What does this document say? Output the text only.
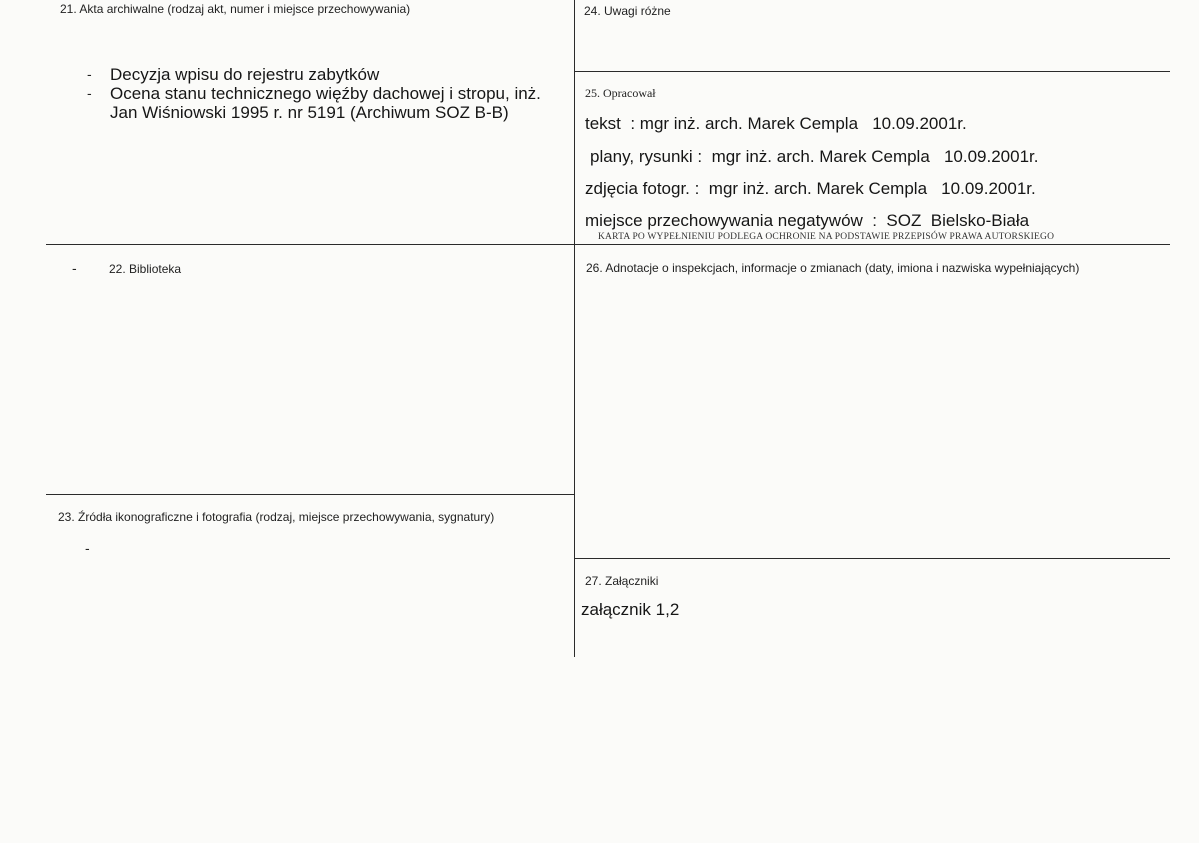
21. Akta archiwalne (rodzaj akt, numer i miejsce przechowywania)
- Decyzja wpisu do rejestru zabytków
- Ocena stanu technicznego więźby dachowej i stropu, inż.
Jan Wiśniowski 1995 r. nr 5191 (Archiwum SOZ B-B)
-	22. Biblioteka
23. Źródła ikonograficzne i fotografia (rodzaj, miejsce przechowywania, sygnatury)
-
24. Uwagi różne
25. Opracował
tekst  : mgr inż. arch. Marek Cempla   10.09.2001r.
plany, rysunki :  mgr inż. arch. Marek Cempla   10.09.2001r.
zdjęcia fotogr. :  mgr inż. arch. Marek Cempla   10.09.2001r.
miejsce przechowywania negatywów  :  SOZ  Bielsko-Biała
KARTA PO WYPEŁNIENIU PODLEGA OCHRONIE NA PODSTAWIE PRZEPISÓW PRAWA AUTORSKIEGO
26. Adnotacje o inspekcjach, informacje o zmianach (daty, imiona i nazwiska wypełniających)
27. Załączniki
załącznik 1,2
